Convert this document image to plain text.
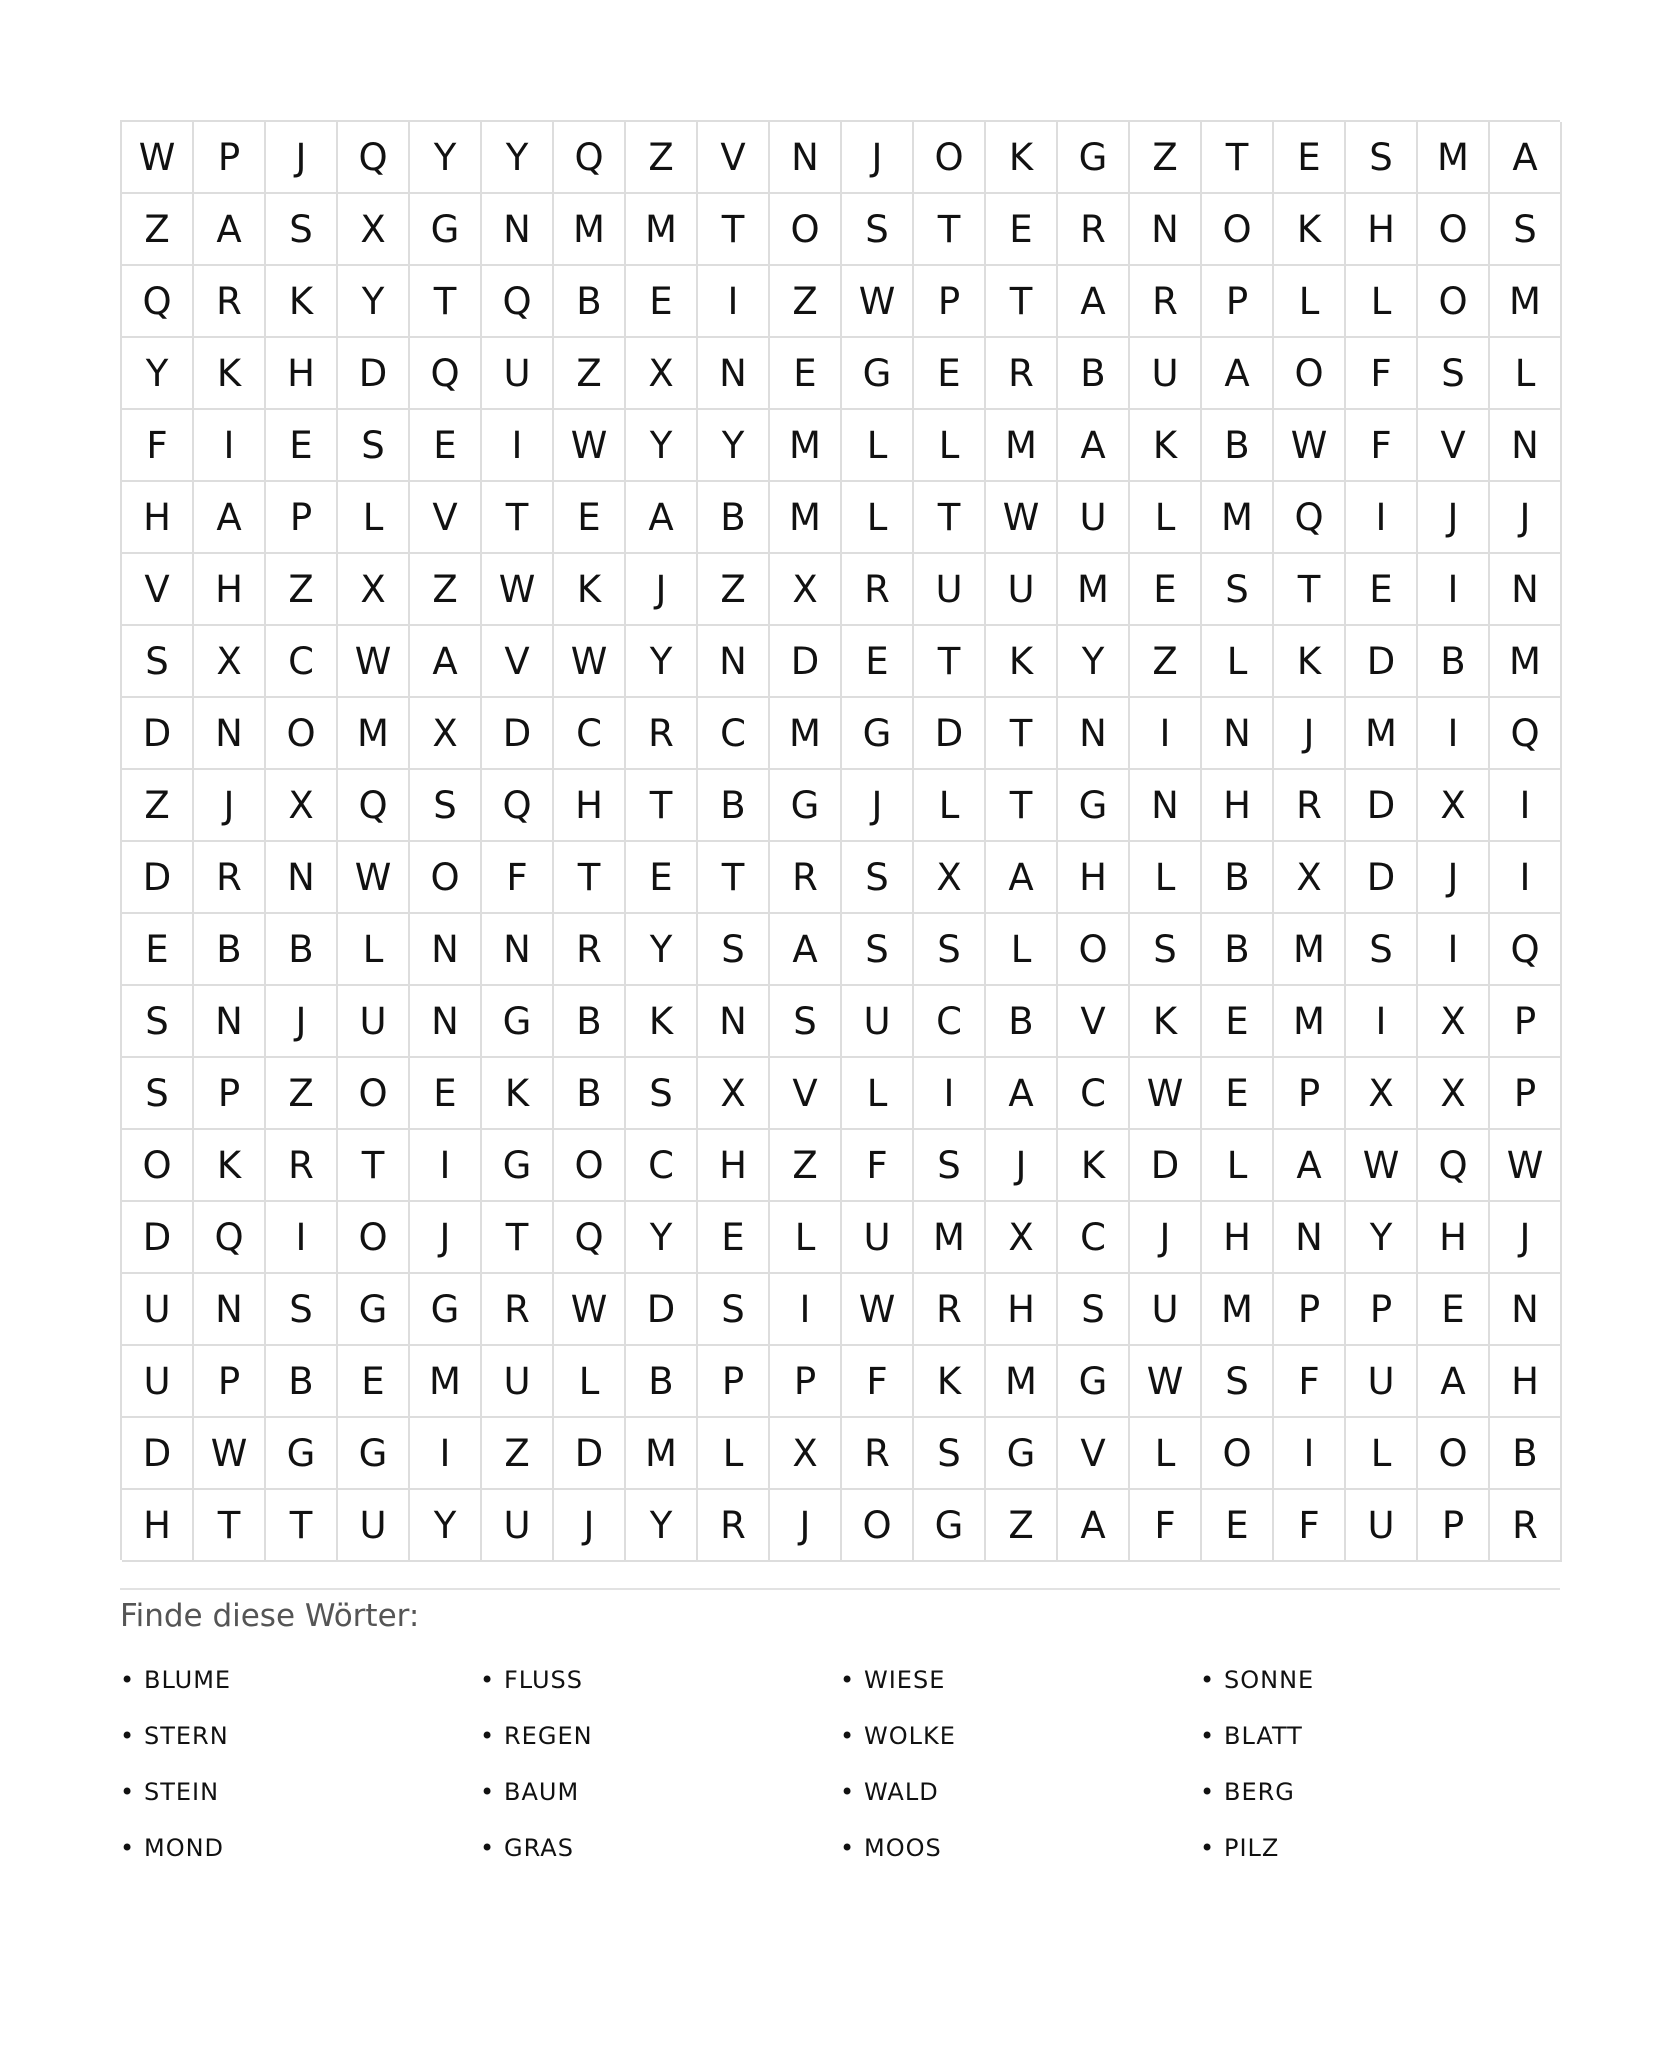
W	P	J	Q	Y	Y	Q	Z	V	N	J	O	K	G	Z	T	E	S	M	A
Z	A	S	X	G	N	M	M	T	O	S	T	E	R	N	O	K	H	O	S
Q	R	K	Y	T	Q	B	E	I	Z	W	P	T	A	R	P	L	L	O	M
Y	K	H	D	Q	U	Z	X	N	E	G	E	R	B	U	A	O	F	S	L
F	I	E	S	E	I	W	Y	Y	M	L	L	M	A	K	B	W	F	V	N
H	A	P	L	V	T	E	A	B	M	L	T	W	U	L	M	Q	I	J	J
V	H	Z	X	Z	W	K	J	Z	X	R	U	U	M	E	S	T	E	I	N
S	X	C	W	A	V	W	Y	N	D	E	T	K	Y	Z	L	K	D	B	M
D	N	O	M	X	D	C	R	C	M	G	D	T	N	I	N	J	M	I	Q
Z	J	X	Q	S	Q	H	T	B	G	J	L	T	G	N	H	R	D	X	I
D	R	N	W	O	F	T	E	T	R	S	X	A	H	L	B	X	D	J	I
E	B	B	L	N	N	R	Y	S	A	S	S	L	O	S	B	M	S	I	Q
S	N	J	U	N	G	B	K	N	S	U	C	B	V	K	E	M	I	X	P
S	P	Z	O	E	K	B	S	X	V	L	I	A	C	W	E	P	X	X	P
O	K	R	T	I	G	O	C	H	Z	F	S	J	K	D	L	A	W	Q	W
D	Q	I	O	J	T	Q	Y	E	L	U	M	X	C	J	H	N	Y	H	J
U	N	S	G	G	R	W	D	S	I	W	R	H	S	U	M	P	P	E	N
U	P	B	E	M	U	L	B	P	P	F	K	M	G	W	S	F	U	A	H
D	W	G	G	I	Z	D	M	L	X	R	S	G	V	L	O	I	L	O	B
H	T	T	U	Y	U	J	Y	R	J	O	G	Z	A	F	E	F	U	P	R
Finde diese Wörter:
• BLUME	• FLUSS	• WIESE	• SONNE
• STERN	• REGEN	• WOLKE	• BLATT
• STEIN	• BAUM	• WALD	• BERG
• MOND	• GRAS	• MOOS	• PILZ
